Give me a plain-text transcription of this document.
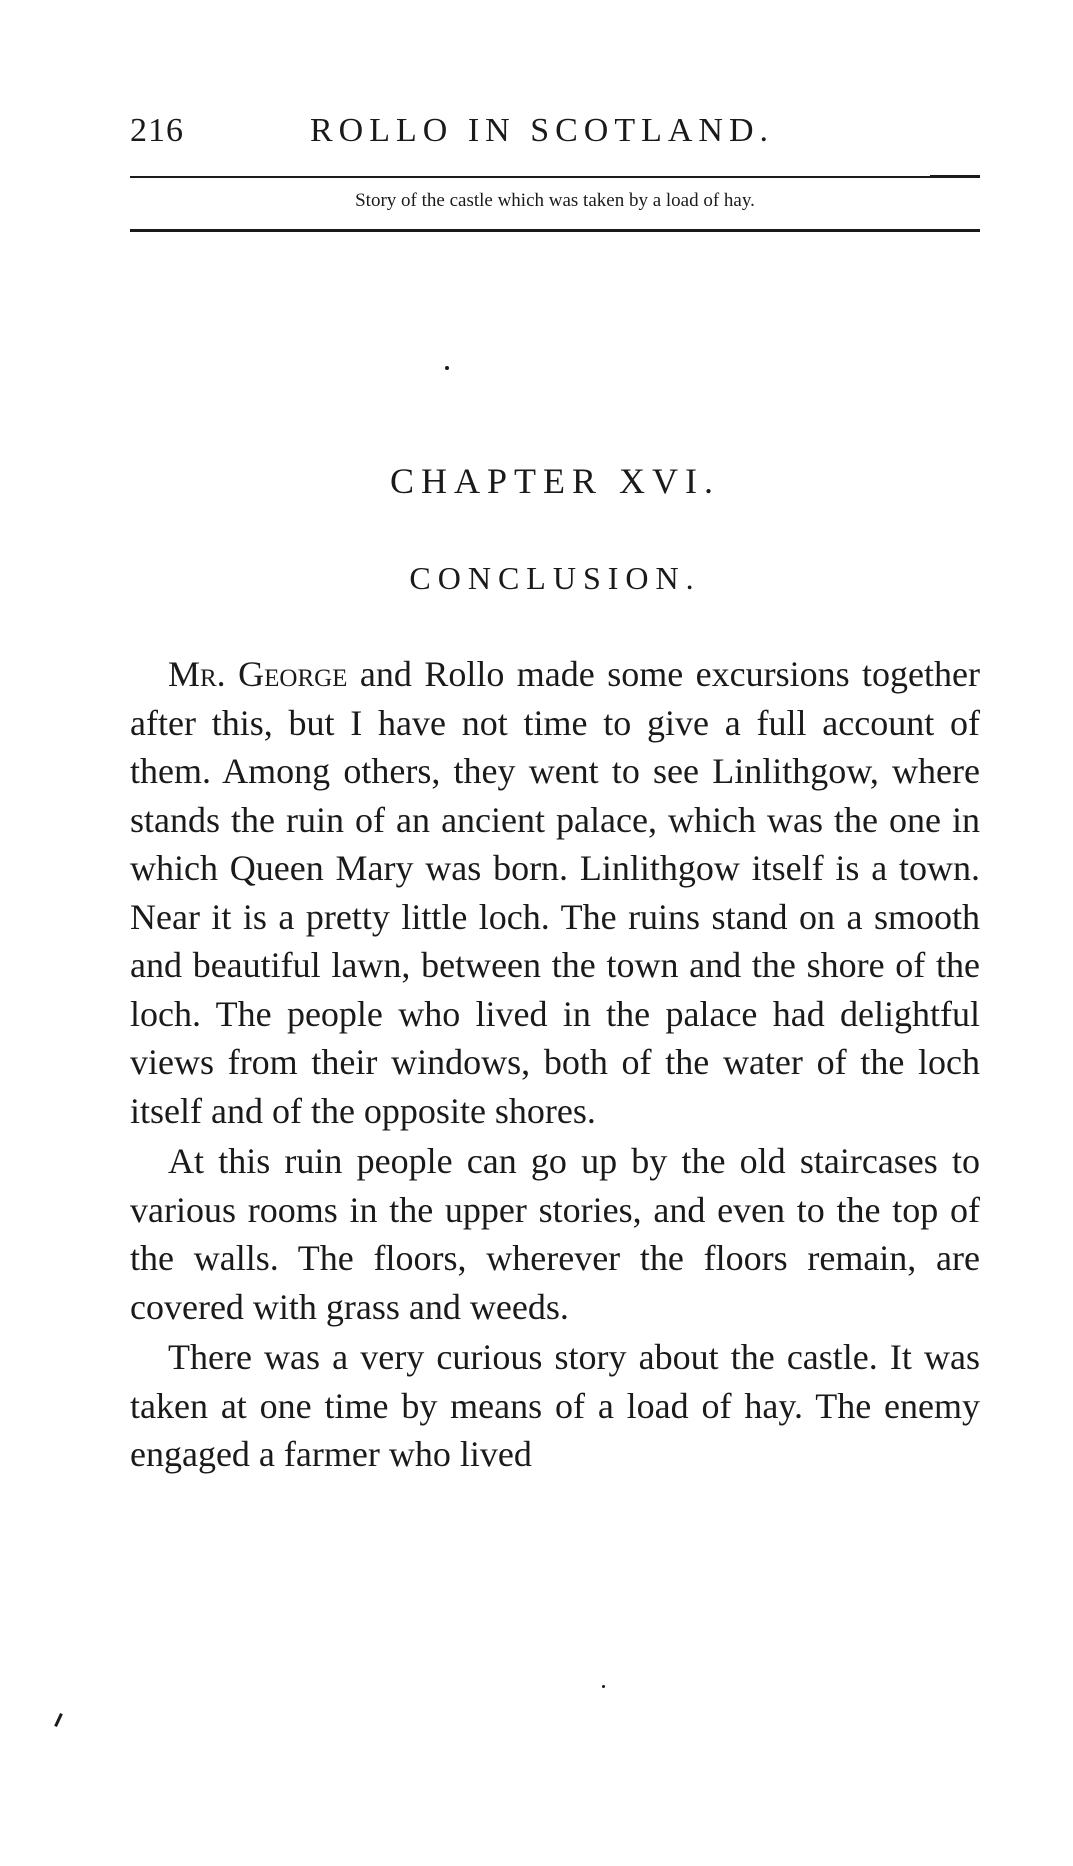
216	ROLLO IN SCOTLAND.
Story of the castle which was taken by a load of hay.
CHAPTER XVI.
CONCLUSION.

Mr. George and Rollo made some excursions together after this, but I have not time to give a full account of them. Among others, they went to see Linlithgow, where stands the ruin of an ancient palace, which was the one in which Queen Mary was born. Linlithgow itself is a town. Near it is a pretty little loch. The ruins stand on a smooth and beautiful lawn, between the town and the shore of the loch. The people who lived in the palace had delightful views from their windows, both of the water of the loch itself and of the opposite shores.

At this ruin people can go up by the old staircases to various rooms in the upper stories, and even to the top of the walls. The floors, wherever the floors remain, are covered with grass and weeds.

There was a very curious story about the castle. It was taken at one time by means of a load of hay. The enemy engaged a farmer who lived
